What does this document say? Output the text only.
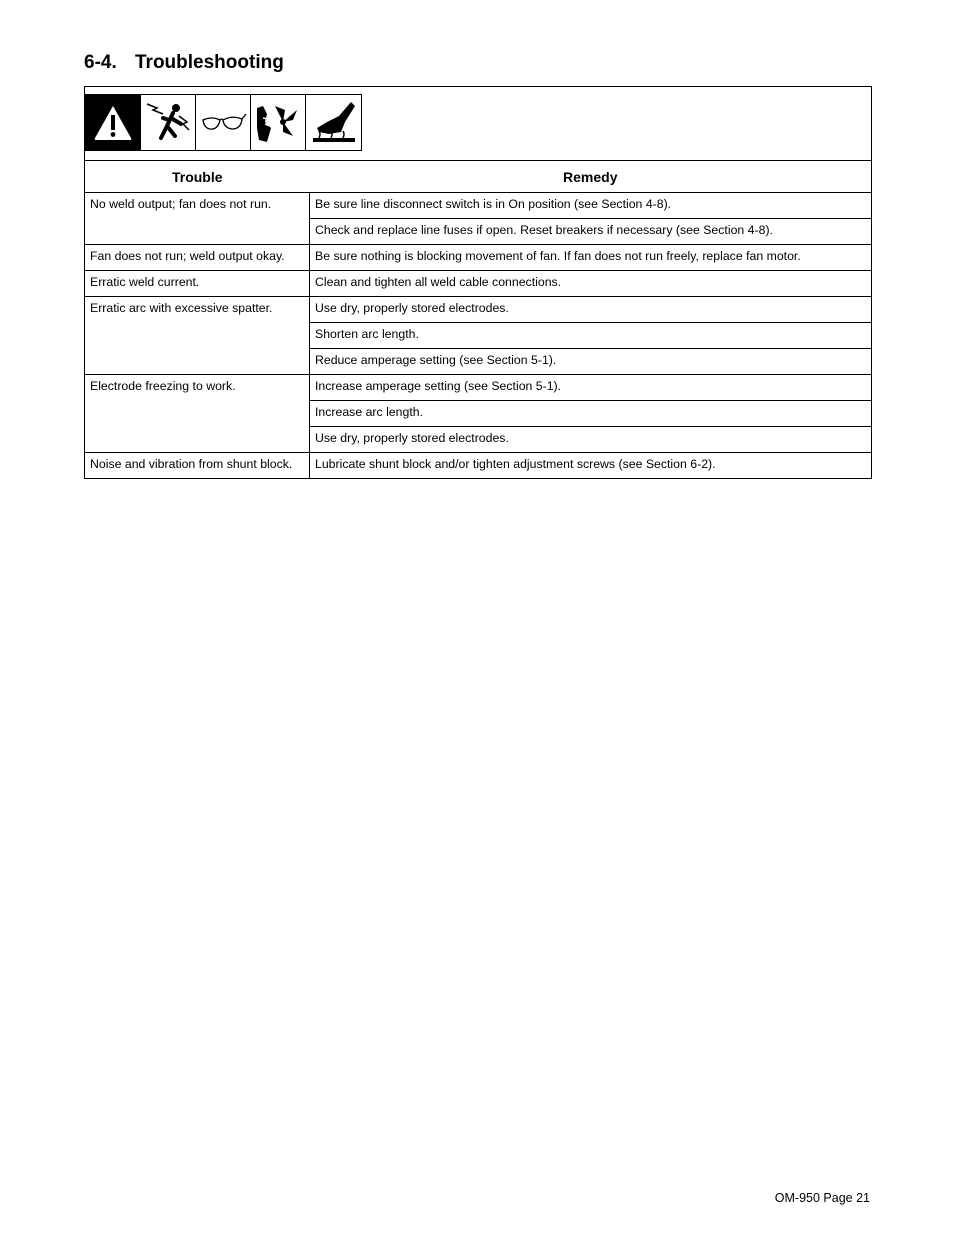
6-4. Troubleshooting
Trouble	Remedy
No weld output; fan does not run.	Be sure line disconnect switch is in On position (see Section 4-8).
	Check and replace line fuses if open. Reset breakers if necessary (see Section 4-8).
Fan does not run; weld output okay.	Be sure nothing is blocking movement of fan. If fan does not run freely, replace fan motor.
Erratic weld current.	Clean and tighten all weld cable connections.
Erratic arc with excessive spatter.	Use dry, properly stored electrodes.
	Shorten arc length.
	Reduce amperage setting (see Section 5-1).
Electrode freezing to work.	Increase amperage setting (see Section 5-1).
	Increase arc length.
	Use dry, properly stored electrodes.
Noise and vibration from shunt block.	Lubricate shunt block and/or tighten adjustment screws (see Section 6-2).
OM-950 Page 21
